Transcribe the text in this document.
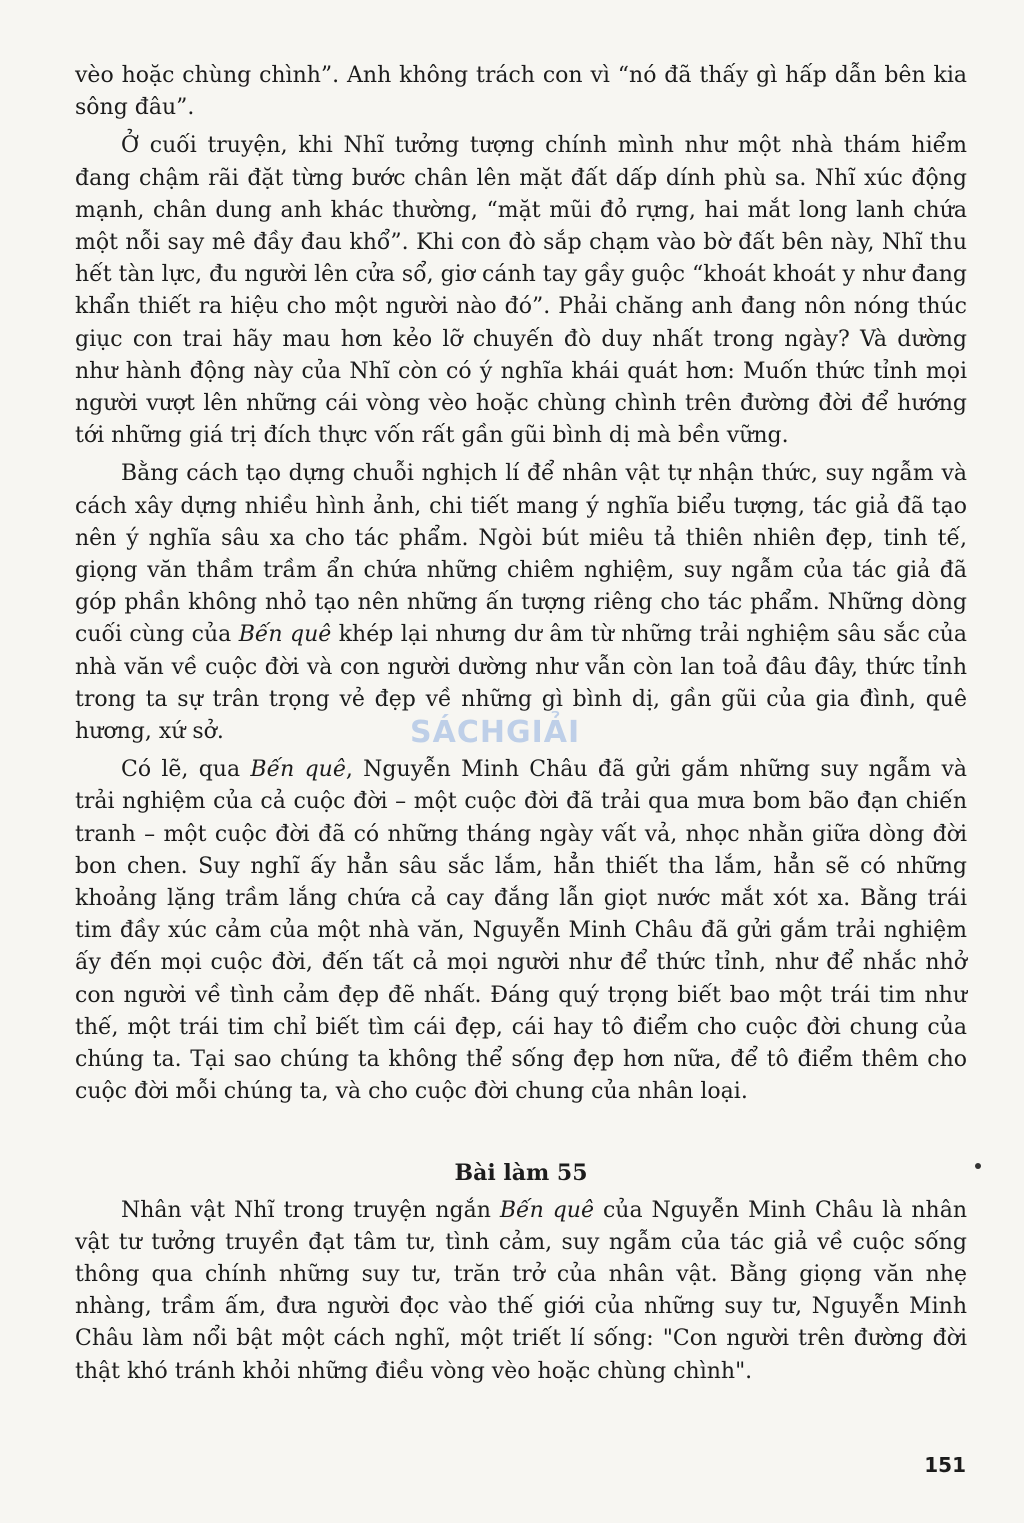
vèo hoặc chùng chình”. Anh không trách con vì “nó đã thấy gì hấp dẫn bên kia sông đâu”.

Ở cuối truyện, khi Nhĩ tưởng tượng chính mình như một nhà thám hiểm đang chậm rãi đặt từng bước chân lên mặt đất dấp dính phù sa. Nhĩ xúc động mạnh, chân dung anh khác thường, “mặt mũi đỏ rựng, hai mắt long lanh chứa một nỗi say mê đầy đau khổ”. Khi con đò sắp chạm vào bờ đất bên này, Nhĩ thu hết tàn lực, đu người lên cửa sổ, giơ cánh tay gầy guộc “khoát khoát y như đang khẩn thiết ra hiệu cho một người nào đó”. Phải chăng anh đang nôn nóng thúc giục con trai hãy mau hơn kẻo lỡ chuyến đò duy nhất trong ngày? Và dường như hành động này của Nhĩ còn có ý nghĩa khái quát hơn: Muốn thức tỉnh mọi người vượt lên những cái vòng vèo hoặc chùng chình trên đường đời để hướng tới những giá trị đích thực vốn rất gần gũi bình dị mà bền vững.

Bằng cách tạo dựng chuỗi nghịch lí để nhân vật tự nhận thức, suy ngẫm và cách xây dựng nhiều hình ảnh, chi tiết mang ý nghĩa biểu tượng, tác giả đã tạo nên ý nghĩa sâu xa cho tác phẩm. Ngòi bút miêu tả thiên nhiên đẹp, tinh tế, giọng văn thầm trầm ẩn chứa những chiêm nghiệm, suy ngẫm của tác giả đã góp phần không nhỏ tạo nên những ấn tượng riêng cho tác phẩm. Những dòng cuối cùng của Bến quê khép lại nhưng dư âm từ những trải nghiệm sâu sắc của nhà văn về cuộc đời và con người dường như vẫn còn lan toả đâu đây, thức tỉnh trong ta sự trân trọng vẻ đẹp về những gì bình dị, gần gũi của gia đình, quê hương, xứ sở.

Có lẽ, qua Bến quê, Nguyễn Minh Châu đã gửi gắm những suy ngẫm và trải nghiệm của cả cuộc đời – một cuộc đời đã trải qua mưa bom bão đạn chiến tranh – một cuộc đời đã có những tháng ngày vất vả, nhọc nhằn giữa dòng đời bon chen. Suy nghĩ ấy hẳn sâu sắc lắm, hẳn thiết tha lắm, hẳn sẽ có những khoảng lặng trầm lắng chứa cả cay đắng lẫn giọt nước mắt xót xa. Bằng trái tim đầy xúc cảm của một nhà văn, Nguyễn Minh Châu đã gửi gắm trải nghiệm ấy đến mọi cuộc đời, đến tất cả mọi người như để thức tỉnh, như để nhắc nhở con người về tình cảm đẹp đẽ nhất. Đáng quý trọng biết bao một trái tim như thế, một trái tim chỉ biết tìm cái đẹp, cái hay tô điểm cho cuộc đời chung của chúng ta. Tại sao chúng ta không thể sống đẹp hơn nữa, để tô điểm thêm cho cuộc đời mỗi chúng ta, và cho cuộc đời chung của nhân loại.

Bài làm 55

Nhân vật Nhĩ trong truyện ngắn Bến quê của Nguyễn Minh Châu là nhân vật tư tưởng truyền đạt tâm tư, tình cảm, suy ngẫm của tác giả về cuộc sống thông qua chính những suy tư, trăn trở của nhân vật. Bằng giọng văn nhẹ nhàng, trầm ấm, đưa người đọc vào thế giới của những suy tư, Nguyễn Minh Châu làm nổi bật một cách nghĩ, một triết lí sống: "Con người trên đường đời thật khó tránh khỏi những điều vòng vèo hoặc chùng chình".

SÁCHGIẢI
151
